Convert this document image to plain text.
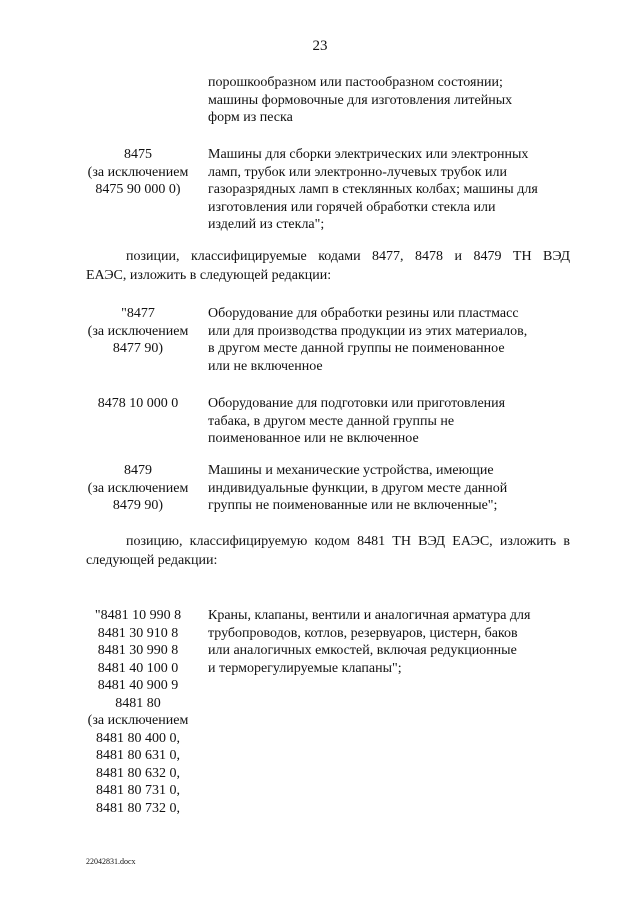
23
порошкообразном или пастообразном состоянии;
машины формовочные для изготовления литейных
форм из песка
8475
(за исключением
8475 90 000 0)
Машины для сборки электрических или электронных
ламп, трубок или электронно-лучевых трубок или
газоразрядных ламп в стеклянных колбах; машины для
изготовления или горячей обработки стекла или
изделий из стекла";
позиции, классифицируемые кодами 8477, 8478 и 8479 ТН ВЭД
ЕАЭС, изложить в следующей редакции:
"8477
(за исключением
8477 90)
Оборудование для обработки резины или пластмасс
или для производства продукции из этих материалов,
в другом месте данной группы не поименованное
или не включенное
8478 10 000 0	Оборудование для подготовки или приготовления
табака, в другом месте данной группы не
поименованное или не включенное
8479
(за исключением
8479 90)
Машины и механические устройства, имеющие
индивидуальные функции, в другом месте данной
группы не поименованные или не включенные";
позицию, классифицируемую кодом 8481 ТН ВЭД ЕАЭС, изложить в
следующей редакции:
"8481 10 990 8
8481 30 910 8
8481 30 990 8
8481 40 100 0
8481 40 900 9
8481 80
(за исключением
8481 80 400 0,
8481 80 631 0,
8481 80 632 0,
8481 80 731 0,
8481 80 732 0,
Краны, клапаны, вентили и аналогичная арматура для
трубопроводов, котлов, резервуаров, цистерн, баков
или аналогичных емкостей, включая редукционные
и терморегулируемые клапаны";
22042831.docx
